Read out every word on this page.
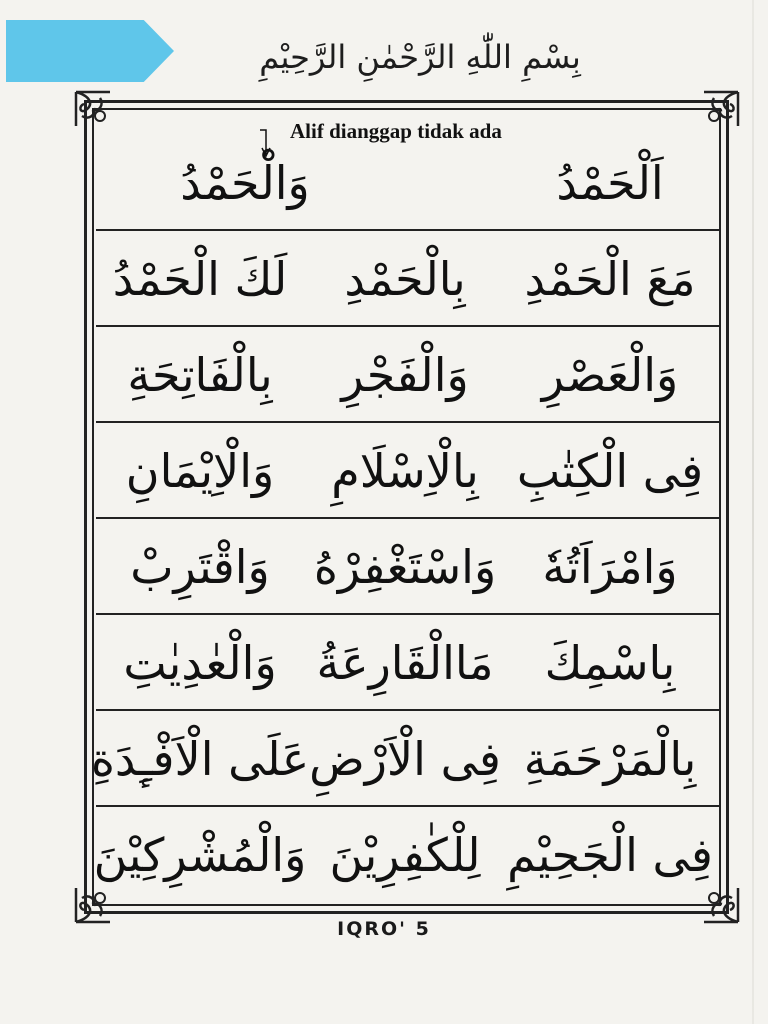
بِسْمِ اللّٰهِ الرَّحْمٰنِ الرَّحِيْمِ
Alif dianggap tidak ada
اَلْحَمْدُ
وَالْحَمْدُ
مَعَ الْحَمْدِ
بِالْحَمْدِ
لَكَ الْحَمْدُ
وَالْعَصْرِ
وَالْفَجْرِ
بِالْفَاتِحَةِ
فِى الْكِتٰبِ
بِالْاِسْلَامِ
وَالْاِيْمَانِ
وَامْرَاَتُهٗ
وَاسْتَغْفِرْهُ
وَاقْتَرِبْ
بِاسْمِكَ
مَاالْقَارِعَةُ
وَالْعٰدِيٰتِ
بِالْمَرْحَمَةِ
فِى الْاَرْضِ
عَلَى الْاَفْـِٕدَةِ
فِى الْجَحِيْمِ
لِلْكٰفِرِيْنَ
وَالْمُشْرِكِيْنَ
IQRO' 5
